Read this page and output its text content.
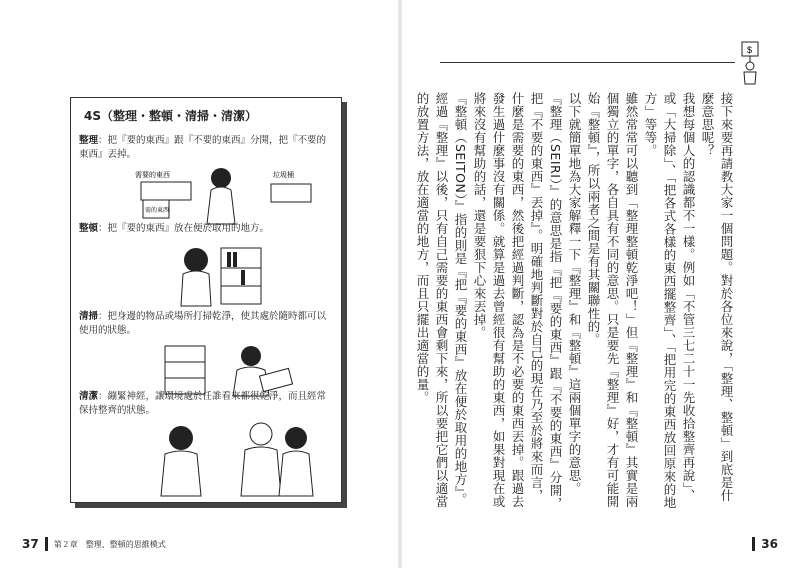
4S（整理・整頓・清掃・清潔）
整理：把『要的東西』跟『不要的東西』分開，把『不要的東西』丟掉。
需要的東西
需的東西
垃圾桶
整頓：把『要的東西』放在便於取用的地方。
清掃：把身邊的物品或場所打掃乾淨，使其處於隨時都可以使用的狀態。
清潔：繃緊神經，讓環境處於任誰看來都很乾淨，而且經常保持整齊的狀態。
37 第２章　整理、整頓的思維模式
$

接下來要再請教大家一個問題。對於各位來說，「整理、整頓」到底是什麼意思呢？

我想每個人的認識都不一樣。例如「不管三七二十一先收拾整齊再說」、或「大掃除」、「把各式各樣的東西擺整齊」、「把用完的東西放回原來的地方」等等。

雖然常常可以聽到「整理整頓乾淨吧！」但『整理』和『整頓』其實是兩個獨立的單字，各自具有不同的意思。只是要先『整理』好，才有可能開始『整頓』，所以兩者之間是有其關聯性的。

以下就簡單地為大家解釋一下『整理』和『整頓』這兩個單字的意思。

『整理（SEIRI）』的意思是指『把『要的東西』跟『不要的東西』分開，把『不要的東西』丟掉』。明確地判斷對於自己的現在乃至於將來而言，什麼是需要的東西，然後把經過判斷，認為是不必要的東西丟掉。跟過去發生過什麼事沒有關係。就算是過去曾經很有幫助的東西，如果對現在或將來沒有幫助的話，還是要狠下心來丟掉。

『整頓（SEITON）』指的則是『把『要的東西』放在便於取用的地方』。經過『整理』以後，只有自己需要的東西會剩下來，所以要把它們以適當的放置方法，放在適當的地方，而且只擺出適當的量。

36
